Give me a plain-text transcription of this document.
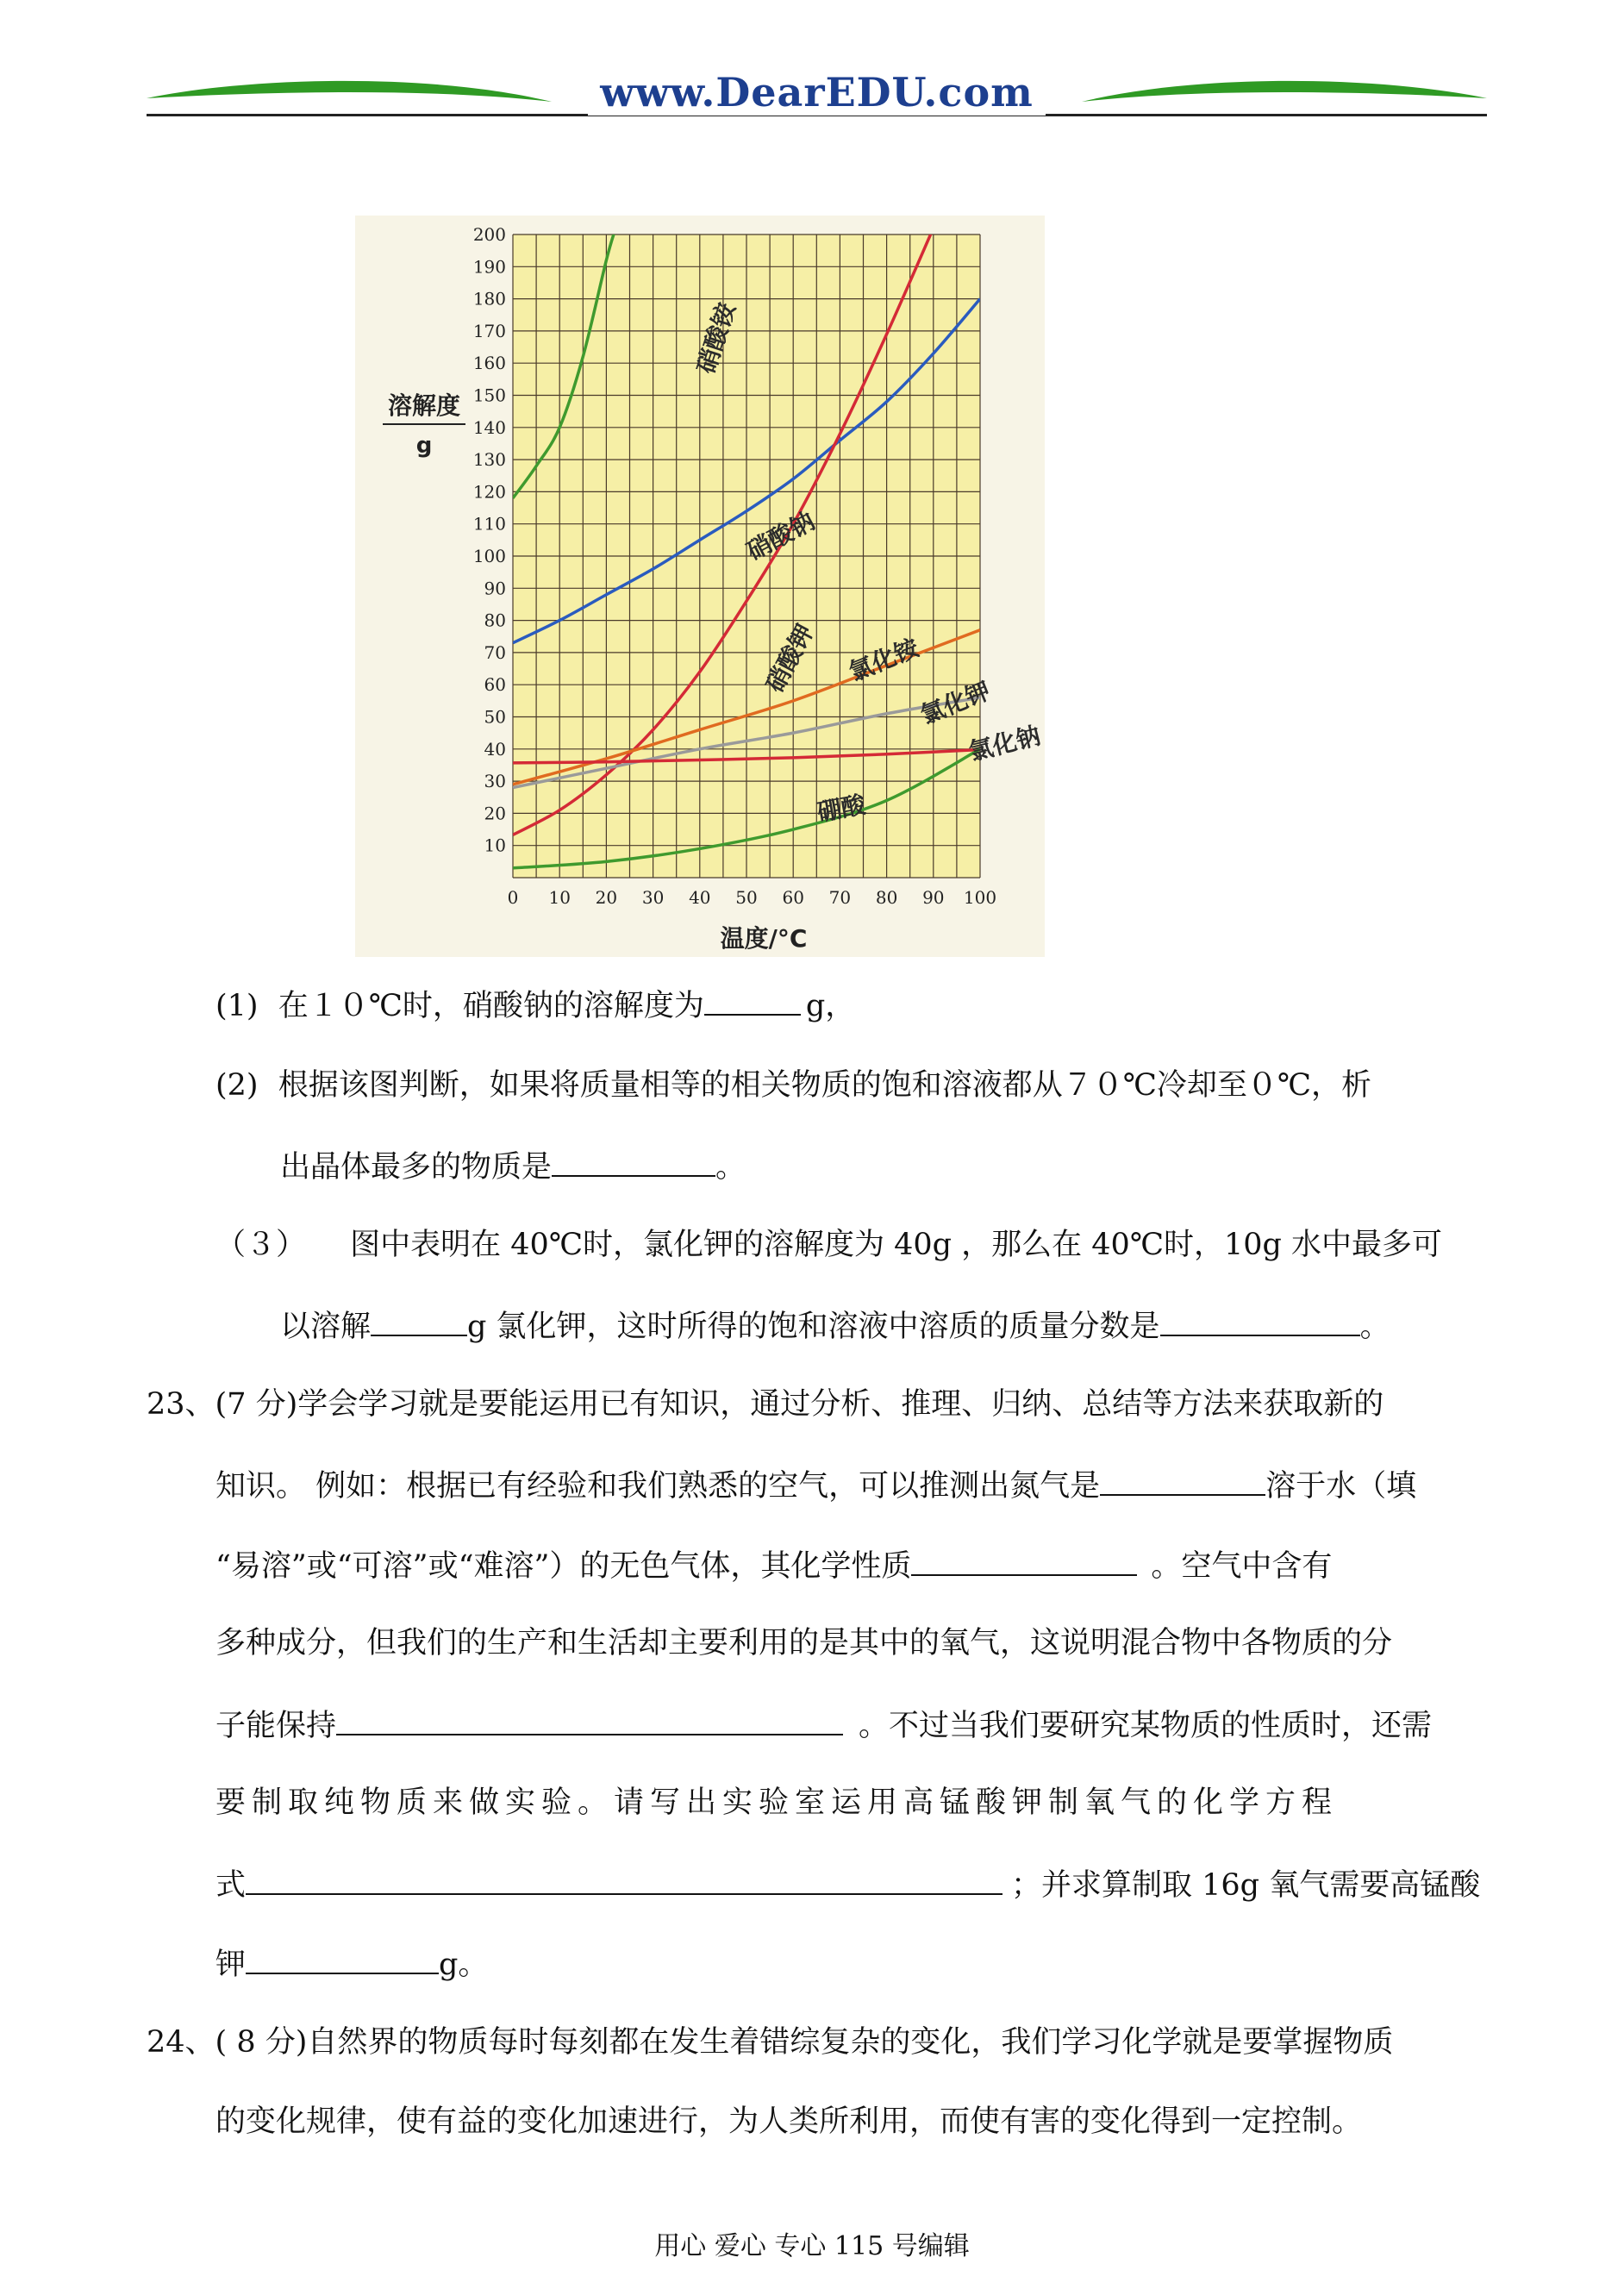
www.DearEDU.com
10
20
30
40
50
60
70
80
90
100
110
120
130
140
150
160
170
180
190
200
0 10 20 30 40 50 60 70 80 90 100
溶解度
g
温度/°C
硝酸铵
硝酸钠
硝酸钾 氯化铵
氯化钾
氯化钠
硼酸
(1) 在１０℃时，硝酸钠的溶解度为	g，
(2) 根据该图判断，如果将质量相等的相关物质的饱和溶液都从７０℃冷却至０℃，析
出晶体最多的物质是	。
（３） 图中表明在 40℃时，氯化钾的溶解度为 40g ，那么在 40℃时，10g 水中最多可
以溶解	g 氯化钾，这时所得的饱和溶液中溶质的质量分数是	。
23、(7 分)学会学习就是要能运用已有知识，通过分析、推理、归纳、总结等方法来获取新的
知识。 例如：根据已有经验和我们熟悉的空气，可以推测出氮气是	溶于水（填
“易溶”或“可溶”或“难溶”）的无色气体，其化学性质	。空气中含有
多种成分，但我们的生产和生活却主要利用的是其中的氧气，这说明混合物中各物质的分
子能保持	。不过当我们要研究某物质的性质时，还需
要制取纯物质来做实验。请写出实验室运用高锰酸钾制氧气的化学方程
式	；并求算制取 16g 氧气需要高锰酸
钾	g。
24、( 8 分)自然界的物质每时每刻都在发生着错综复杂的变化，我们学习化学就是要掌握物质
的变化规律，使有益的变化加速进行，为人类所利用，而使有害的变化得到一定控制。
用心 爱心 专心 115 号编辑
